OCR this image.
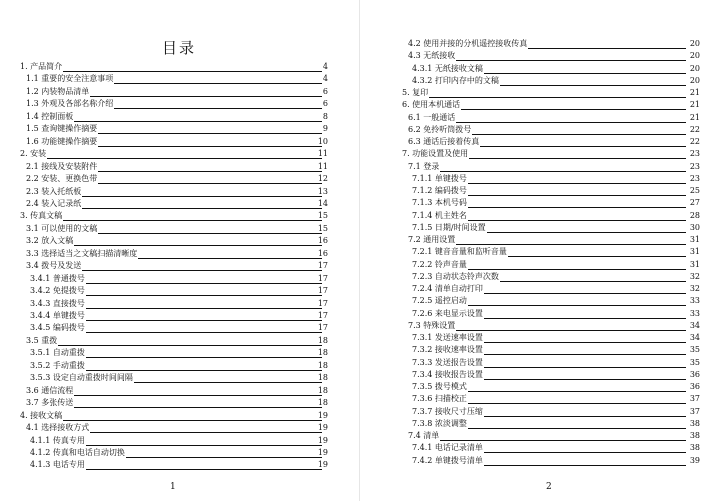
目录
1. 产品简介	4
1.1 重要的安全注意事项	4
1.2 内装物品清单	6
1.3 外观及各部名称介绍	6
1.4 控制面板	8
1.5 查询键操作摘要	9
1.6 功能键操作摘要	10
2. 安装	11
2.1 接线及安装附件	11
2.2 安装、更换色带	12
2.3 装入托纸板	13
2.4 装入记录纸	14
3. 传真文稿	15
3.1 可以使用的文稿	15
3.2 放入文稿	16
3.3 选择适当之文稿扫描清晰度	16
3.4 拨号及发送	17
3.4.1 普通拨号	17
3.4.2 免提拨号	17
3.4.3 直接拨号	17
3.4.4 单键拨号	17
3.4.5 编码拨号	17
3.5 重拨	18
3.5.1 自动重拨	18
3.5.2 手动重拨	18
3.5.3 设定自动重拨时间间隔	18
3.6 通信流程	18
3.7 多张传送	18
4. 接收文稿	19
4.1 选择接收方式	19
4.1.1 传真专用	19
4.1.2 传真和电话自动切换	19
4.1.3 电话专用	19
1
4.2 使用并接的分机遥控接收传真	20
4.3 无纸接收	20
4.3.1 无纸接收文稿	20
4.3.2 打印内存中的文稿	20
5. 复印	21
6. 使用本机通话	21
6.1 一般通话	21
6.2 免拎听筒拨号	22
6.3 通话后接着传真	22
7. 功能设置及使用	23
7.1 登录	23
7.1.1 单键拨号	23
7.1.2 编码拨号	25
7.1.3 本机号码	27
7.1.4 机主姓名	28
7.1.5 日期/时间设置	30
7.2 通用设置	31
7.2.1 键音音量和监听音量	31
7.2.2 铃声音量	31
7.2.3 自动状态铃声次数	32
7.2.4 清单自动打印	32
7.2.5 遥控启动	33
7.2.6 来电显示设置	33
7.3 特殊设置	34
7.3.1 发送速率设置	34
7.3.2 接收速率设置	35
7.3.3 发送报告设置	35
7.3.4 接收报告设置	36
7.3.5 拨号模式	36
7.3.6 扫描校正	37
7.3.7 接收尺寸压缩	37
7.3.8 浓淡调整	38
7.4 清单	38
7.4.1 电话记录清单	38
7.4.2 单键拨号清单	39
2
